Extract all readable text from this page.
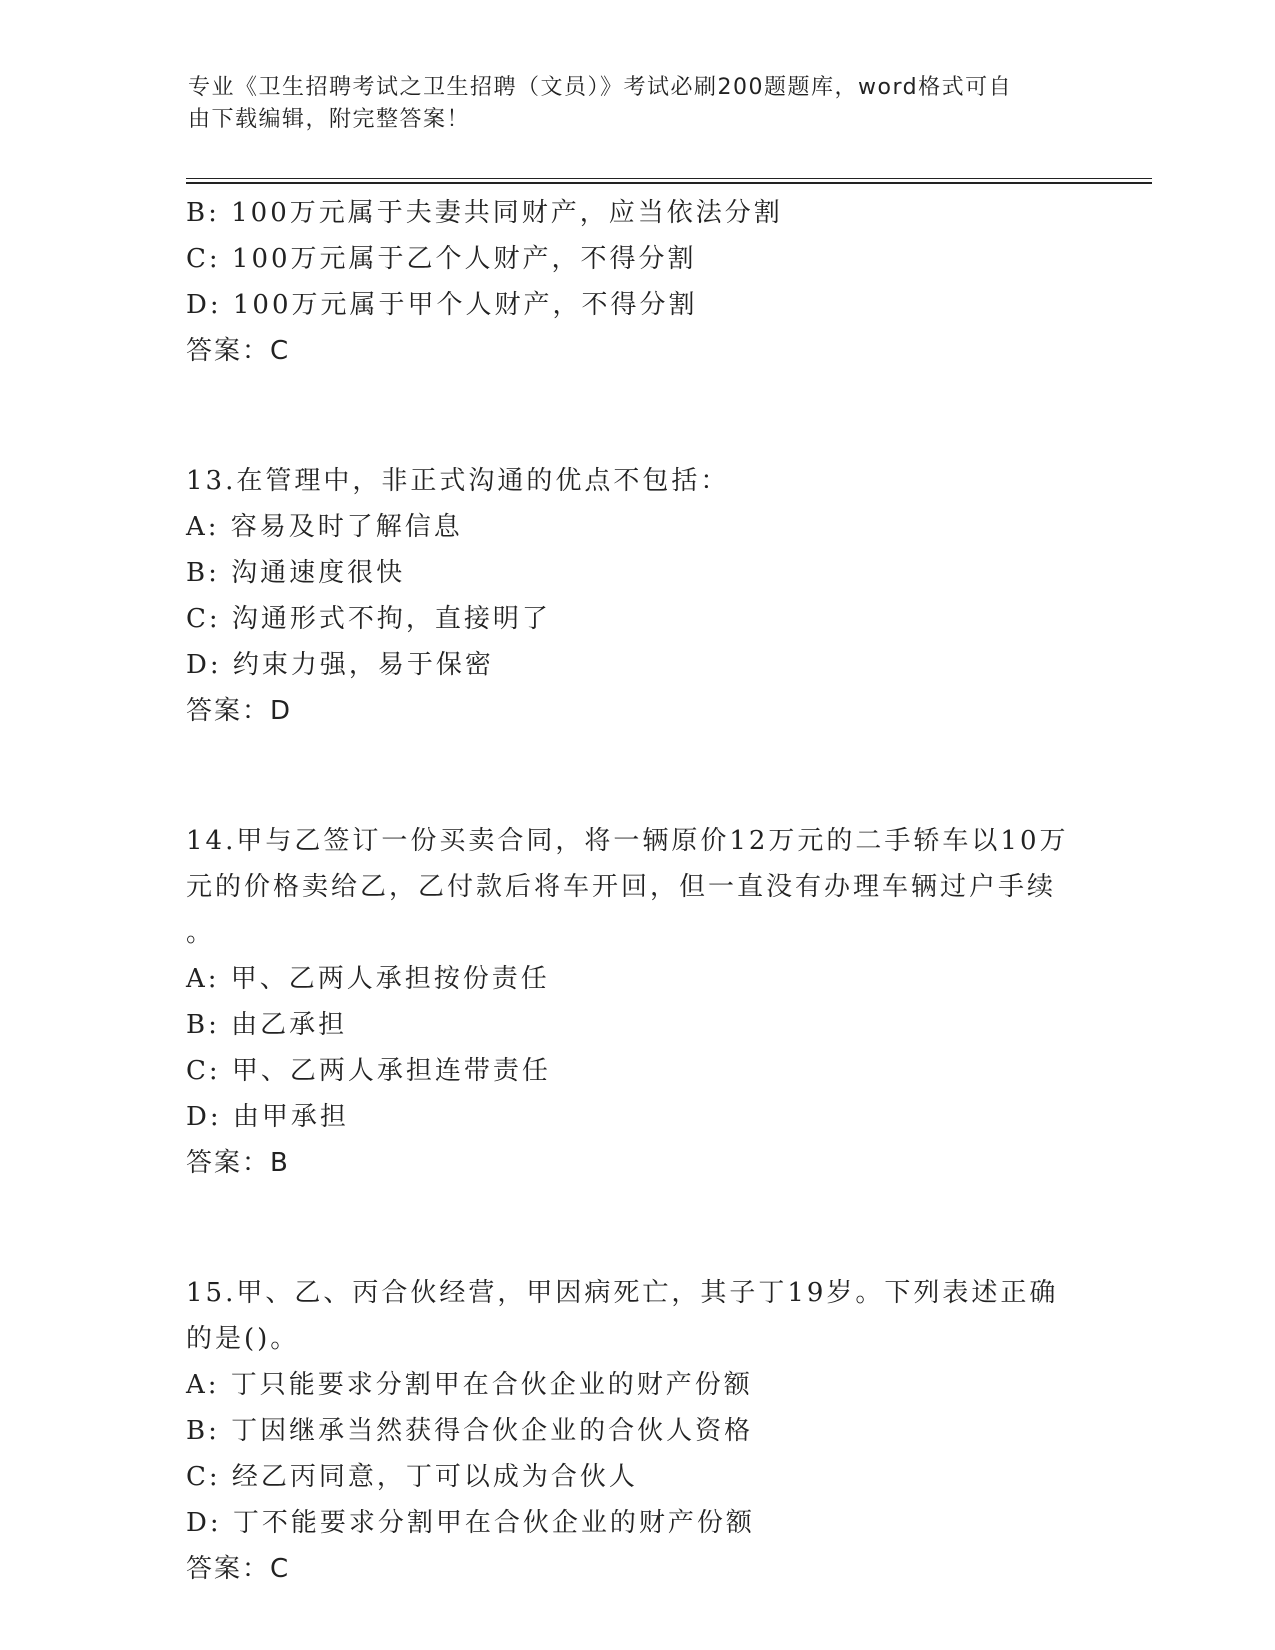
专业《卫生招聘考试之卫生招聘（文员）》考试必刷200题题库，word格式可自
由下载编辑，附完整答案！
B: 100万元属于夫妻共同财产，应当依法分割
C: 100万元属于乙个人财产，不得分割
D: 100万元属于甲个人财产，不得分割
答案：C
13.在管理中，非正式沟通的优点不包括：
A: 容易及时了解信息
B: 沟通速度很快
C: 沟通形式不拘，直接明了
D: 约束力强，易于保密
答案：D
14.甲与乙签订一份买卖合同，将一辆原价12万元的二手轿车以10万
元的价格卖给乙，乙付款后将车开回，但一直没有办理车辆过户手续
。
A: 甲、乙两人承担按份责任
B: 由乙承担
C: 甲、乙两人承担连带责任
D: 由甲承担
答案：B
15.甲、乙、丙合伙经营，甲因病死亡，其子丁19岁。下列表述正确
的是()。
A: 丁只能要求分割甲在合伙企业的财产份额
B: 丁因继承当然获得合伙企业的合伙人资格
C: 经乙丙同意，丁可以成为合伙人
D: 丁不能要求分割甲在合伙企业的财产份额
答案：C
